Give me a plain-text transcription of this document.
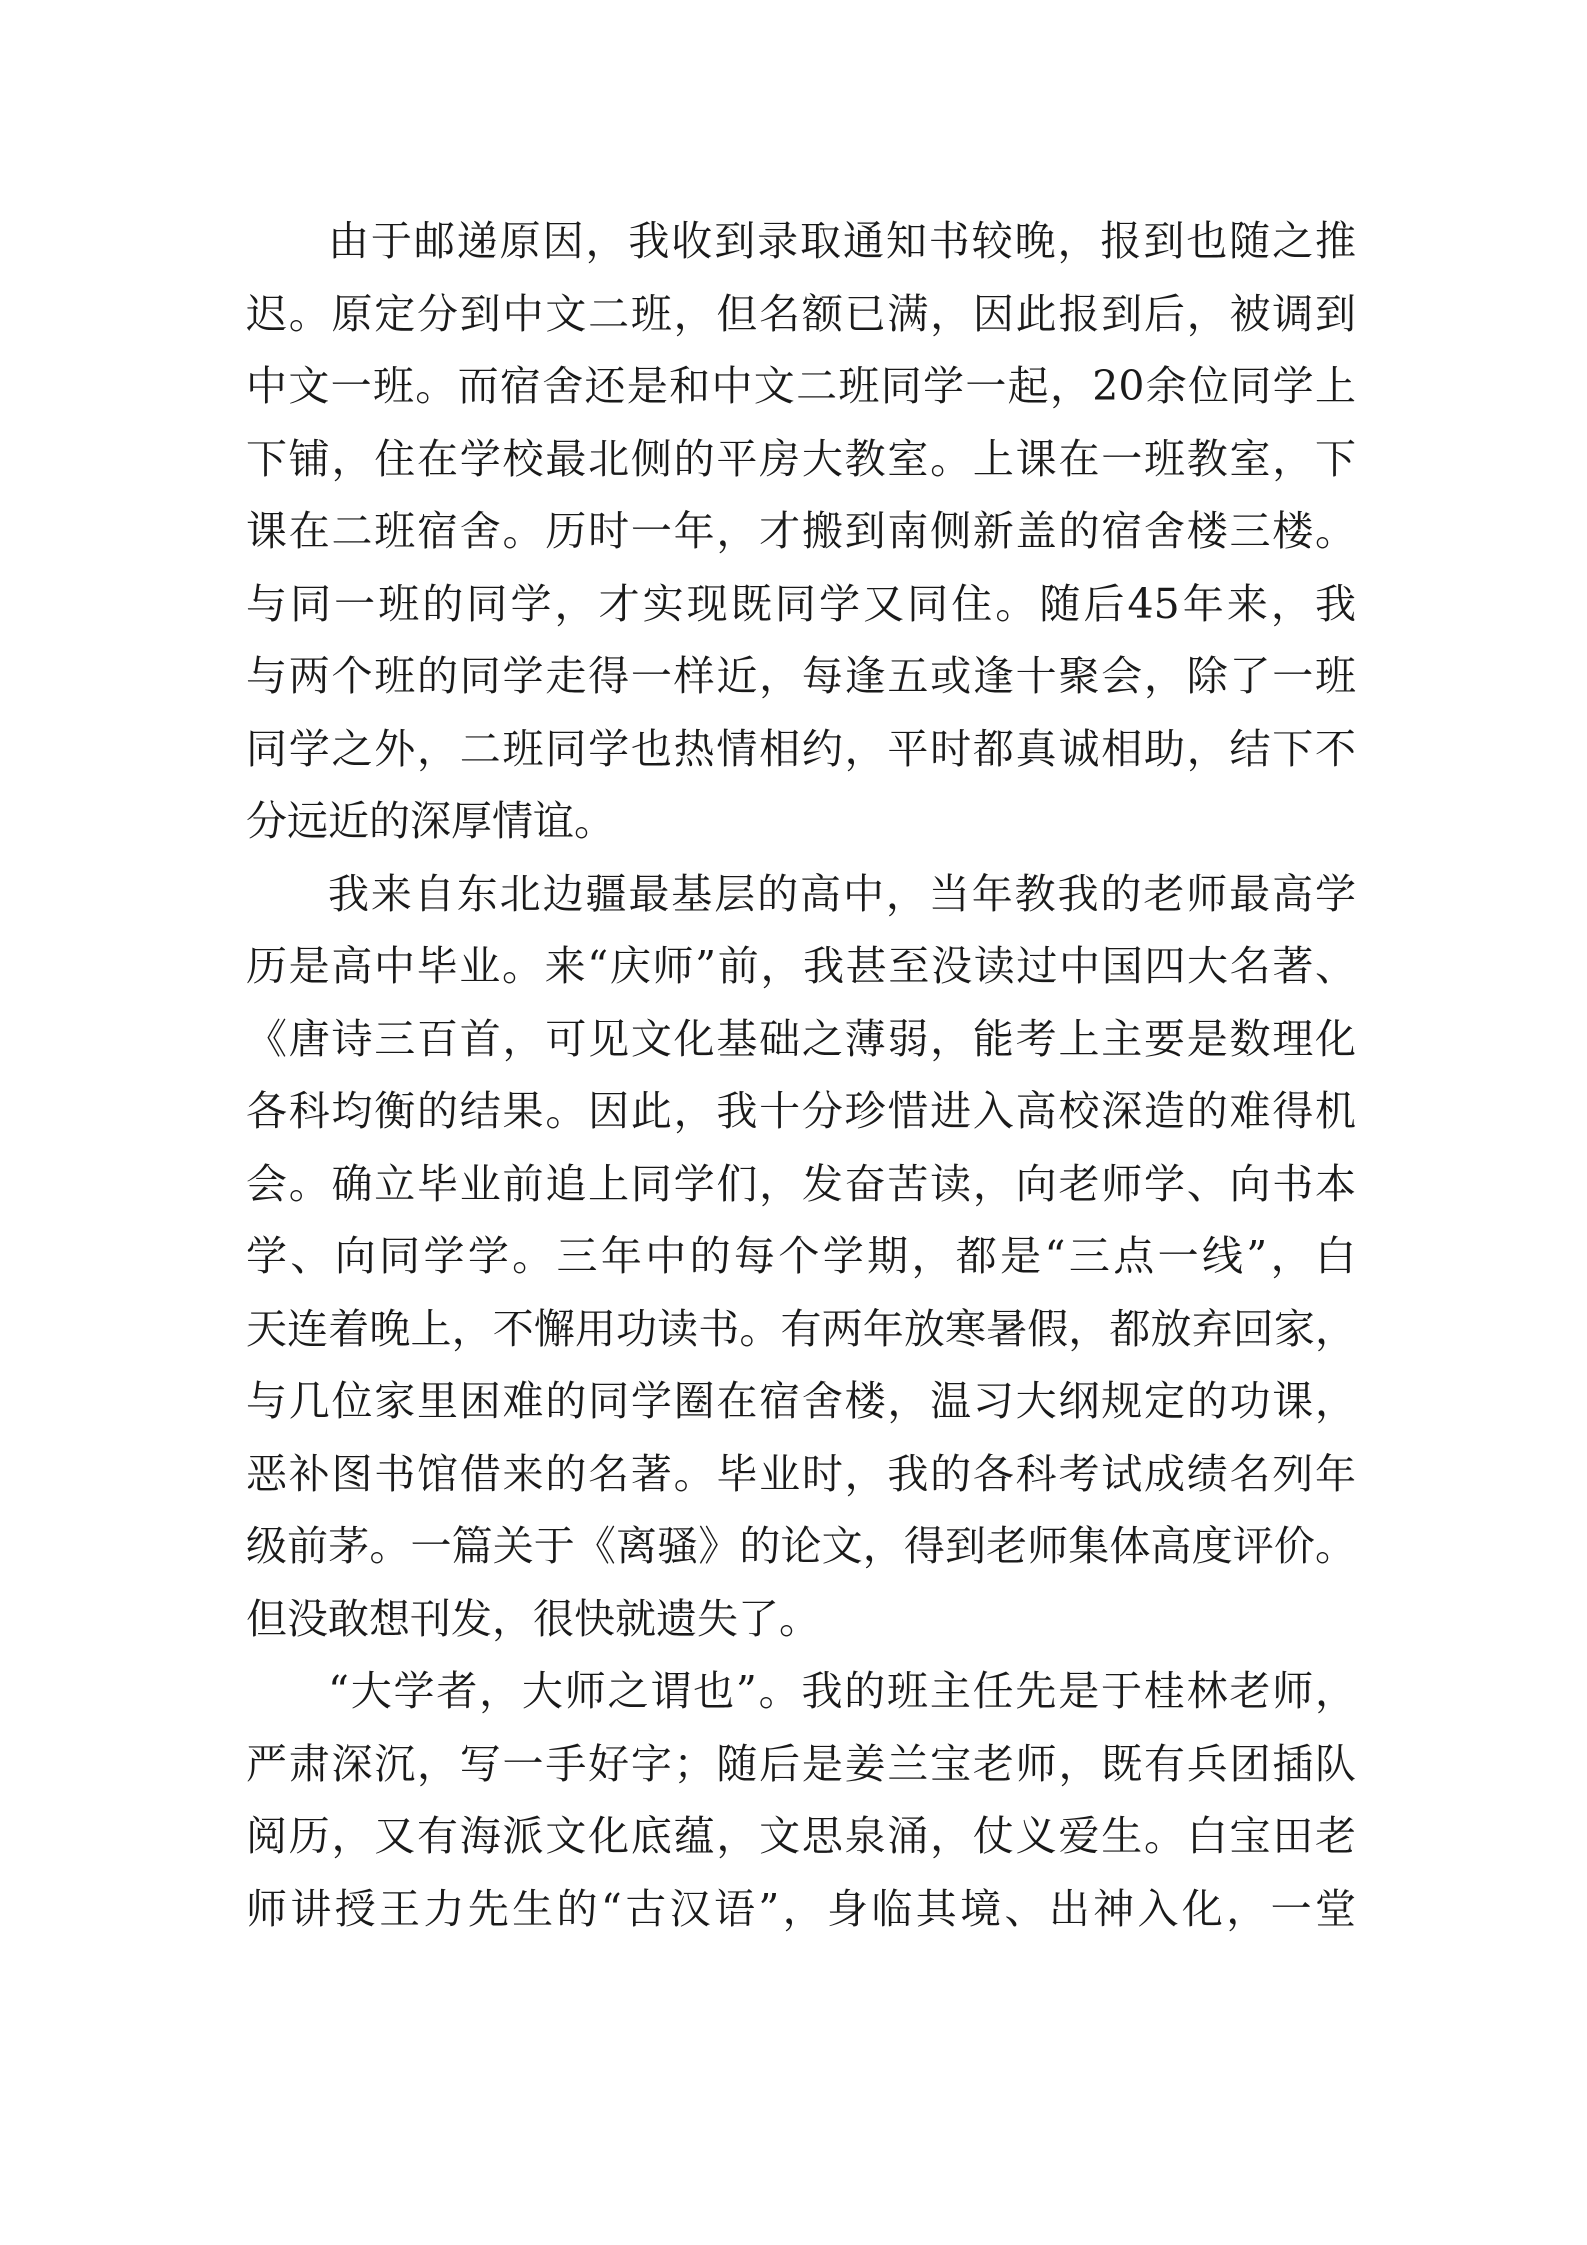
由于邮递原因，我收到录取通知书较晚，报到也随之推
迟。原定分到中文二班，但名额已满，因此报到后，被调到
中文一班。而宿舍还是和中文二班同学一起，20余位同学上
下铺，住在学校最北侧的平房大教室。上课在一班教室，下
课在二班宿舍。历时一年，才搬到南侧新盖的宿舍楼三楼。
与同一班的同学，才实现既同学又同住。随后45年来，我
与两个班的同学走得一样近，每逢五或逢十聚会，除了一班
同学之外，二班同学也热情相约，平时都真诚相助，结下不
分远近的深厚情谊。
我来自东北边疆最基层的高中，当年教我的老师最高学
历是高中毕业。来“庆师”前，我甚至没读过中国四大名著、
《唐诗三百首，可见文化基础之薄弱，能考上主要是数理化
各科均衡的结果。因此，我十分珍惜进入高校深造的难得机
会。确立毕业前追上同学们，发奋苦读，向老师学、向书本
学、向同学学。三年中的每个学期，都是“三点一线”，白
天连着晚上，不懈用功读书。有两年放寒暑假，都放弃回家，
与几位家里困难的同学圈在宿舍楼，温习大纲规定的功课，
恶补图书馆借来的名著。毕业时，我的各科考试成绩名列年
级前茅。一篇关于《离骚》的论文，得到老师集体高度评价。
但没敢想刊发，很快就遗失了。
“大学者，大师之谓也”。我的班主任先是于桂林老师，
严肃深沉，写一手好字；随后是姜兰宝老师，既有兵团插队
阅历，又有海派文化底蕴，文思泉涌，仗义爱生。白宝田老
师讲授王力先生的“古汉语”，身临其境、出神入化，一堂
